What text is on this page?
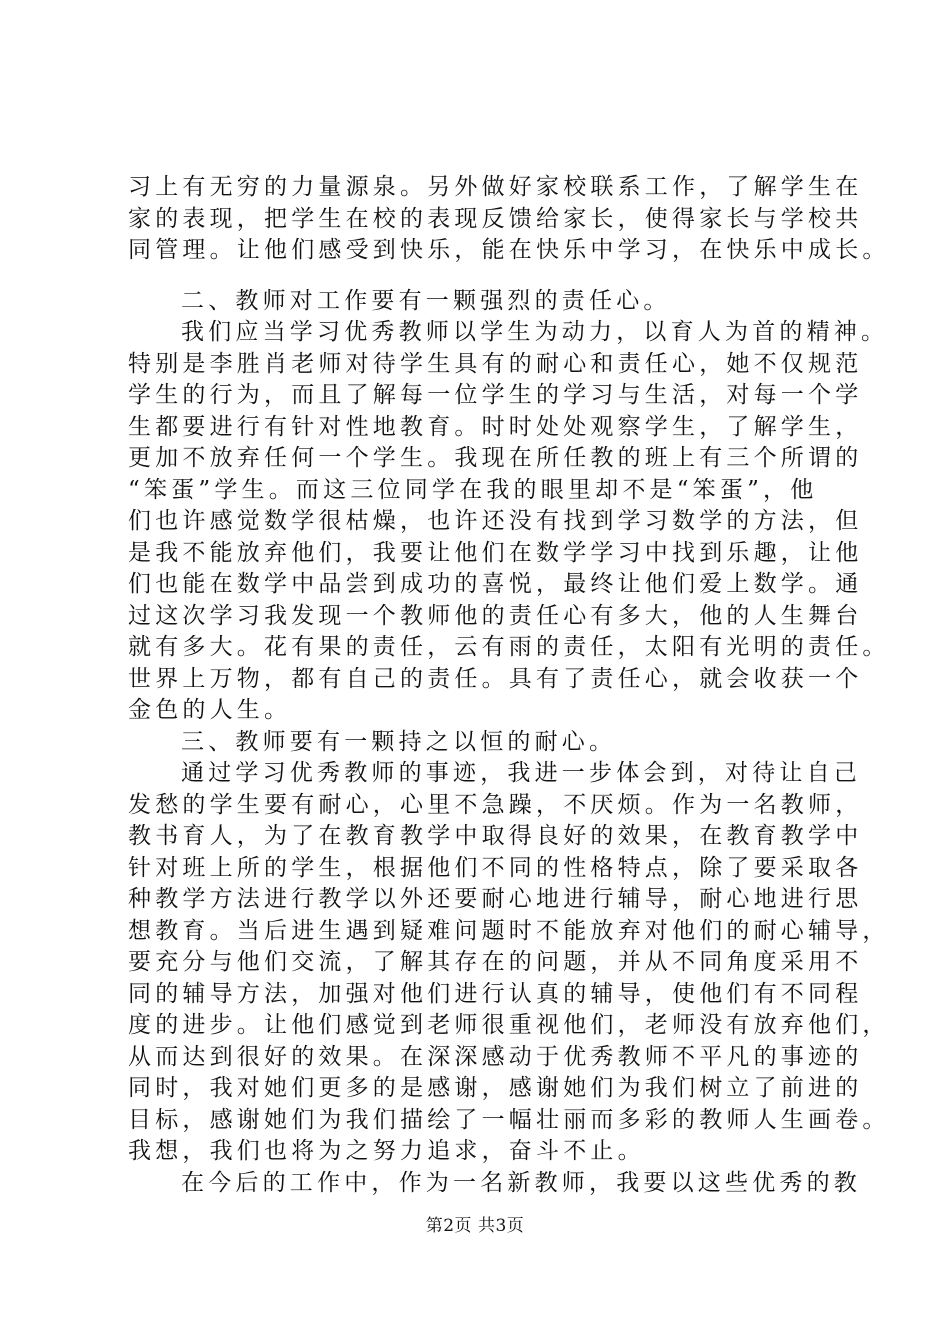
习上有无穷的力量源泉。另外做好家校联系工作，了解学生在

家的表现，把学生在校的表现反馈给家长，使得家长与学校共

同管理。让他们感受到快乐，能在快乐中学习，在快乐中成长。

二、教师对工作要有一颗强烈的责任心。

我们应当学习优秀教师以学生为动力，以育人为首的精神。

特别是李胜肖老师对待学生具有的耐心和责任心，她不仅规范

学生的行为，而且了解每一位学生的学习与生活，对每一个学

生都要进行有针对性地教育。时时处处观察学生，了解学生，

更加不放弃任何一个学生。我现在所任教的班上有三个所谓的

“笨蛋”学生。而这三位同学在我的眼里却不是“笨蛋”，他

们也许感觉数学很枯燥，也许还没有找到学习数学的方法，但

是我不能放弃他们，我要让他们在数学学习中找到乐趣，让他

们也能在数学中品尝到成功的喜悦，最终让他们爱上数学。通

过这次学习我发现一个教师他的责任心有多大，他的人生舞台

就有多大。花有果的责任，云有雨的责任，太阳有光明的责任。

世界上万物，都有自己的责任。具有了责任心，就会收获一个

金色的人生。

三、教师要有一颗持之以恒的耐心。

通过学习优秀教师的事迹，我进一步体会到，对待让自己

发愁的学生要有耐心，心里不急躁，不厌烦。作为一名教师，

教书育人，为了在教育教学中取得良好的效果，在教育教学中

针对班上所的学生，根据他们不同的性格特点，除了要采取各

种教学方法进行教学以外还要耐心地进行辅导，耐心地进行思

想教育。当后进生遇到疑难问题时不能放弃对他们的耐心辅导，

要充分与他们交流，了解其存在的问题，并从不同角度采用不

同的辅导方法，加强对他们进行认真的辅导，使他们有不同程

度的进步。让他们感觉到老师很重视他们，老师没有放弃他们，

从而达到很好的效果。在深深感动于优秀教师不平凡的事迹的

同时，我对她们更多的是感谢，感谢她们为我们树立了前进的

目标，感谢她们为我们描绘了一幅壮丽而多彩的教师人生画卷。

我想，我们也将为之努力追求，奋斗不止。

在今后的工作中，作为一名新教师，我要以这些优秀的教

第2页 共3页
